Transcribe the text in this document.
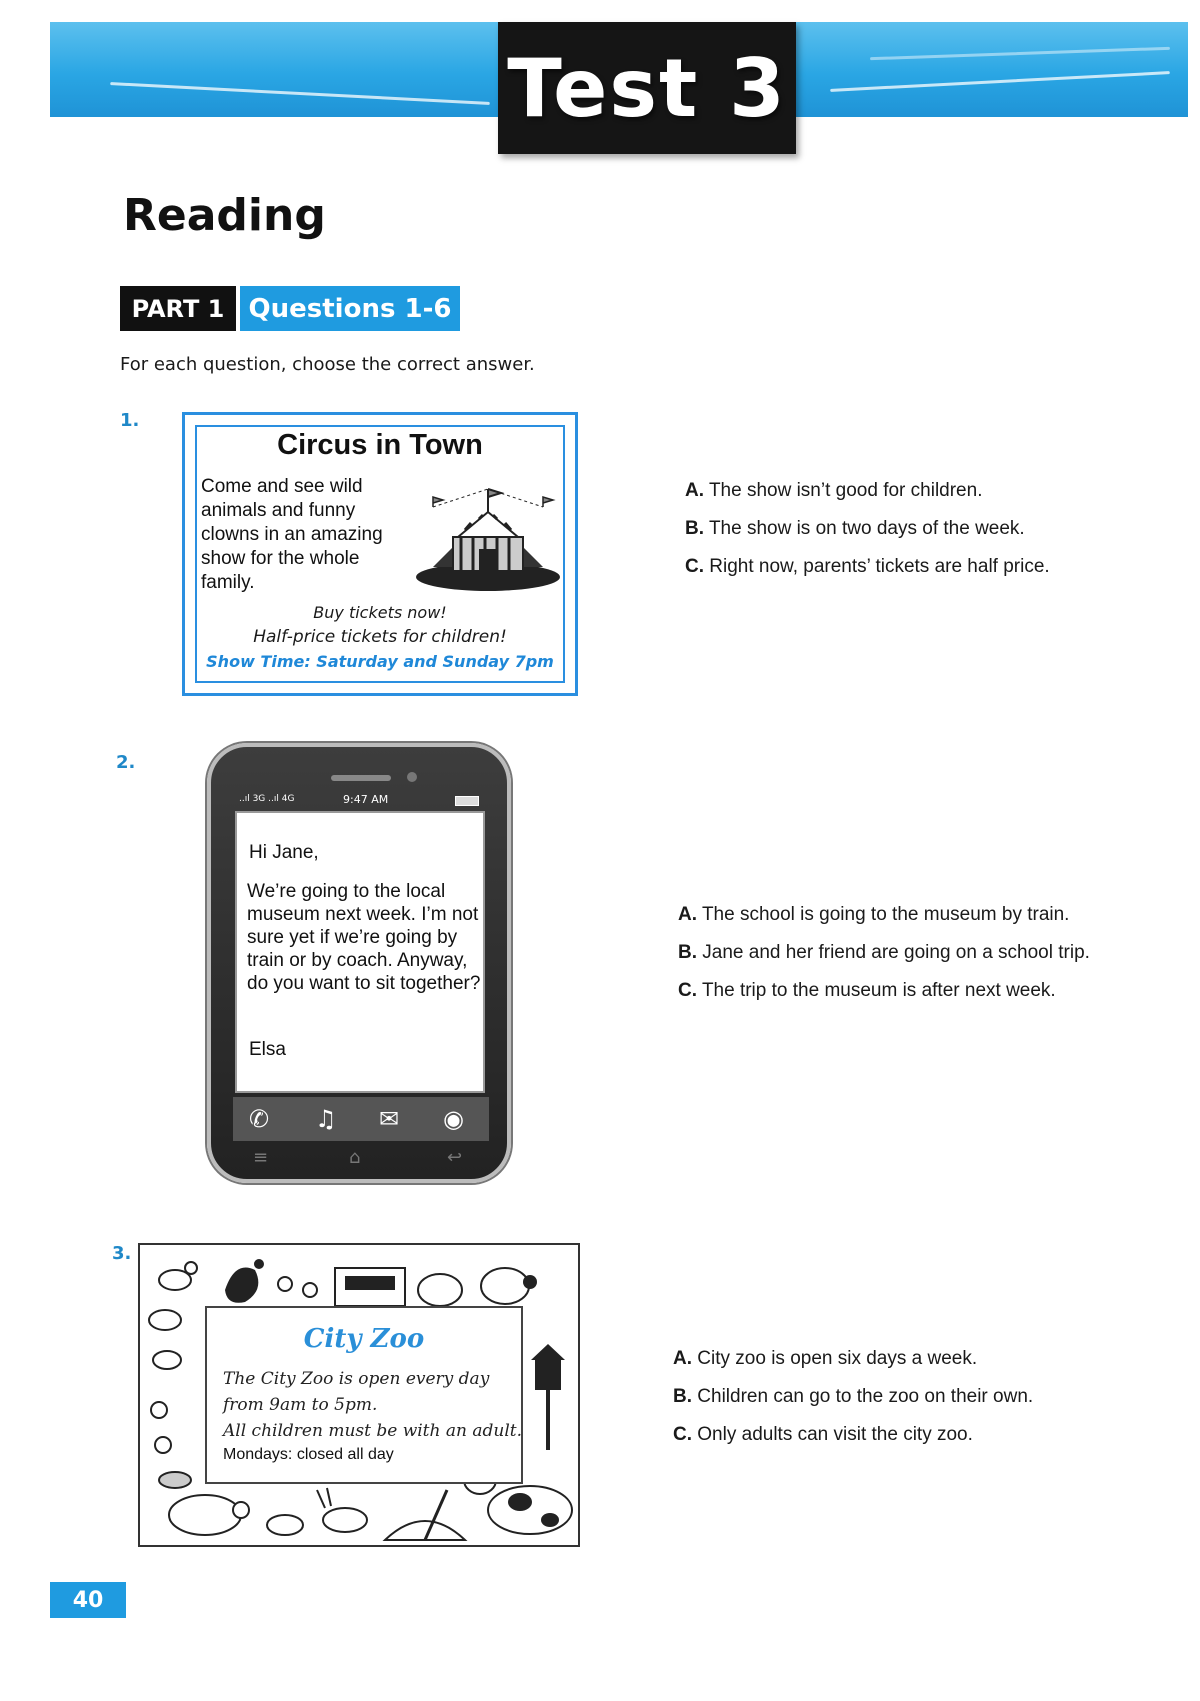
Test 3
Reading
PART 1 Questions 1-6
For each question, choose the correct answer.
1.
Circus in Town
Come and see wild animals and funny clowns in an amazing show for the whole family.
Buy tickets now!
Half-price tickets for children!
Show Time: Saturday and Sunday 7pm
A. The show isn’t good for children.
B. The show is on two days of the week.
C. Right now, parents’ tickets are half price.
2.
..ıl 3G ..ıl 4G	9:47 AM
Hi Jane,
We’re going to the local museum next week. I’m not sure yet if we’re going by train or by coach. Anyway, do you want to sit together?
Elsa
✆ ♫ ✉ ◉
≡	⌂	↩
A. The school is going to the museum by train.
B. Jane and her friend are going on a school trip.
C. The trip to the museum is after next week.
3.
City Zoo
The City Zoo is open every day
from 9am to 5pm.
All children must be with an adult.
Mondays: closed all day
A. City zoo is open six days a week.
B. Children can go to the zoo on their own.
C. Only adults can visit the city zoo.
40
